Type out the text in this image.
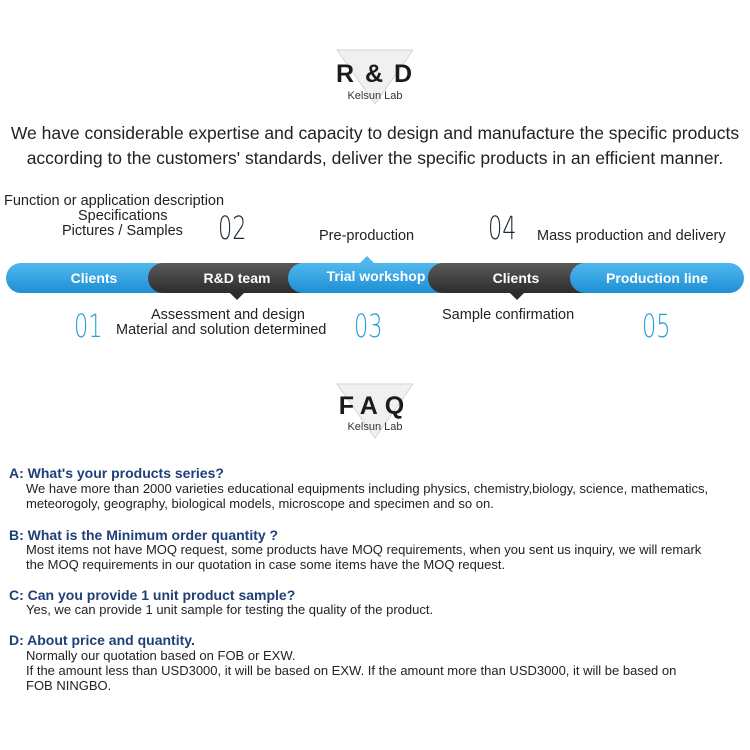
R & D
Kelsun Lab
We have considerable expertise and capacity to design and manufacture the specific products
according to the customers' standards, deliver the specific products in an efficient manner.
Function or application description
Specifications
Pictures / Samples 02	Pre-production 04 Mass production and delivery
Clients	R&D team	Trial workshop	Clients	Production line
01	Assessment and design
Material and solution determined 03	Sample confirmation 05
FAQ
Kelsun Lab
A: What's your products series?
We have more than 2000 varieties educational equipments including physics, chemistry,biology, science, mathematics,
meteorogoly, geography, biological models, microscope and specimen and so on.
B: What is the Minimum order quantity ?
Most items not have MOQ request, some products have MOQ requirements, when you sent us inquiry, we will remark
the MOQ requirements in our quotation in case some items have the MOQ request.
C: Can you provide 1 unit product sample?
Yes, we can provide 1 unit sample for testing the quality of the product.
D: About price and quantity.
Normally our quotation based on FOB or EXW.
If the amount less than USD3000, it will be based on EXW. If the amount more than USD3000, it will be based on
FOB NINGBO.
